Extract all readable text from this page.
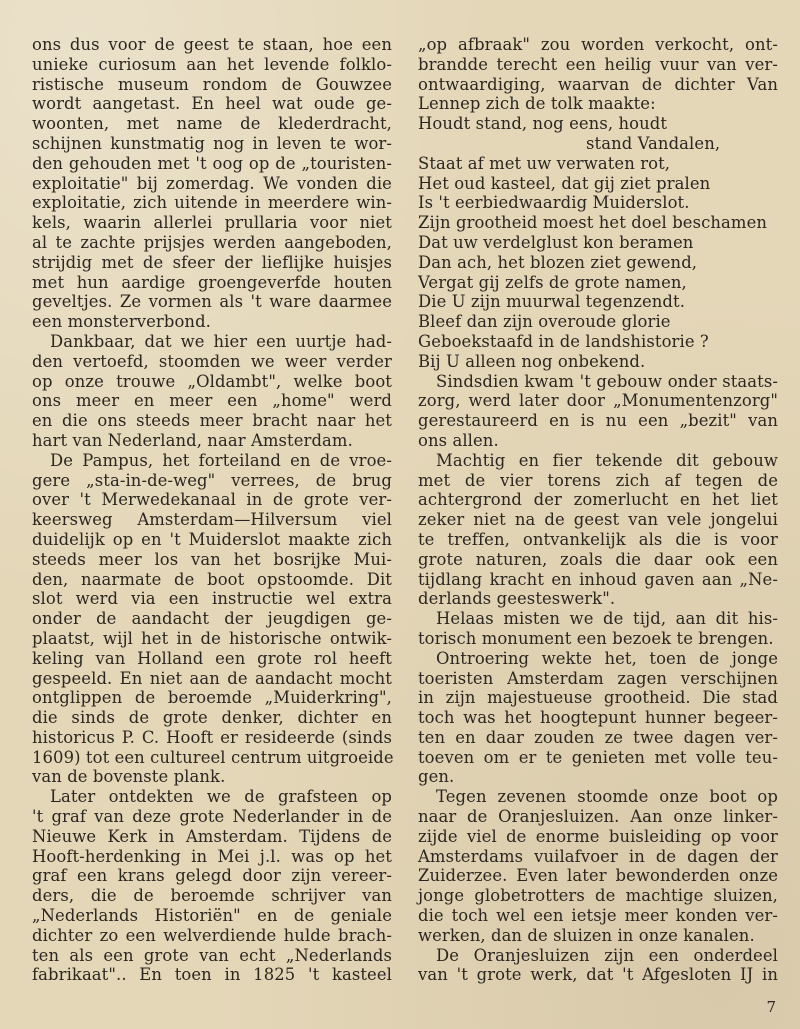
ons dus voor de geest te staan, hoe een
unieke curiosum aan het levende folklo-
ristische museum rondom de Gouwzee
wordt aangetast. En heel wat oude ge-
woonten, met name de klederdracht,
schijnen kunstmatig nog in leven te wor-
den gehouden met 't oog op de „touristen-
exploitatie" bij zomerdag. We vonden die
exploitatie, zich uitende in meerdere win-
kels, waarin allerlei prullaria voor niet
al te zachte prijsjes werden aangeboden,
strijdig met de sfeer der lieflijke huisjes
met hun aardige groengeverfde houten
geveltjes. Ze vormen als 't ware daarmee
een monsterverbond.
Dankbaar, dat we hier een uurtje had-
den vertoefd, stoomden we weer verder
op onze trouwe „Oldambt", welke boot
ons meer en meer een „home" werd
en die ons steeds meer bracht naar het
hart van Nederland, naar Amsterdam.
De Pampus, het forteiland en de vroe-
gere „sta-in-de-weg" verrees, de brug
over 't Merwedekanaal in de grote ver-
keersweg Amsterdam—Hilversum viel
duidelijk op en 't Muiderslot maakte zich
steeds meer los van het bosrijke Mui-
den, naarmate de boot opstoomde. Dit
slot werd via een instructie wel extra
onder de aandacht der jeugdigen ge-
plaatst, wijl het in de historische ontwik-
keling van Holland een grote rol heeft
gespeeld. En niet aan de aandacht mocht
ontglippen de beroemde „Muiderkring",
die sinds de grote denker, dichter en
historicus P. C. Hooft er resideerde (sinds
1609) tot een cultureel centrum uitgroeide
van de bovenste plank.
Later ontdekten we de grafsteen op
't graf van deze grote Nederlander in de
Nieuwe Kerk in Amsterdam. Tijdens de
Hooft-herdenking in Mei j.l. was op het
graf een krans gelegd door zijn vereer-
ders, die de beroemde schrijver van
„Nederlands Historiën" en de geniale
dichter zo een welverdiende hulde brach-
ten als een grote van echt „Nederlands
fabrikaat".. En toen in 1825 't kasteel
„op afbraak" zou worden verkocht, ont-
brandde terecht een heilig vuur van ver-
ontwaardiging, waarvan de dichter Van
Lennep zich de tolk maakte:
Houdt stand, nog eens, houdt
stand Vandalen,
Staat af met uw verwaten rot,
Het oud kasteel, dat gij ziet pralen
Is 't eerbiedwaardig Muiderslot.
Zijn grootheid moest het doel beschamen
Dat uw verdelglust kon beramen
Dan ach, het blozen ziet gewend,
Vergat gij zelfs de grote namen,
Die U zijn muurwal tegenzendt.
Bleef dan zijn overoude glorie
Geboekstaafd in de landshistorie ?
Bij U alleen nog onbekend.
Sindsdien kwam 't gebouw onder staats-
zorg, werd later door „Monumentenzorg"
gerestaureerd en is nu een „bezit" van
ons allen.
Machtig en fier tekende dit gebouw
met de vier torens zich af tegen de
achtergrond der zomerlucht en het liet
zeker niet na de geest van vele jongelui
te treffen, ontvankelijk als die is voor
grote naturen, zoals die daar ook een
tijdlang kracht en inhoud gaven aan „Ne-
derlands geesteswerk".
Helaas misten we de tijd, aan dit his-
torisch monument een bezoek te brengen.
Ontroering wekte het, toen de jonge
toeristen Amsterdam zagen verschijnen
in zijn majestueuse grootheid. Die stad
toch was het hoogtepunt hunner begeer-
ten en daar zouden ze twee dagen ver-
toeven om er te genieten met volle teu-
gen.
Tegen zevenen stoomde onze boot op
naar de Oranjesluizen. Aan onze linker-
zijde viel de enorme buisleiding op voor
Amsterdams vuilafvoer in de dagen der
Zuiderzee. Even later bewonderden onze
jonge globetrotters de machtige sluizen,
die toch wel een ietsje meer konden ver-
werken, dan de sluizen in onze kanalen.
De Oranjesluizen zijn een onderdeel
van 't grote werk, dat 't Afgesloten IJ in
7
